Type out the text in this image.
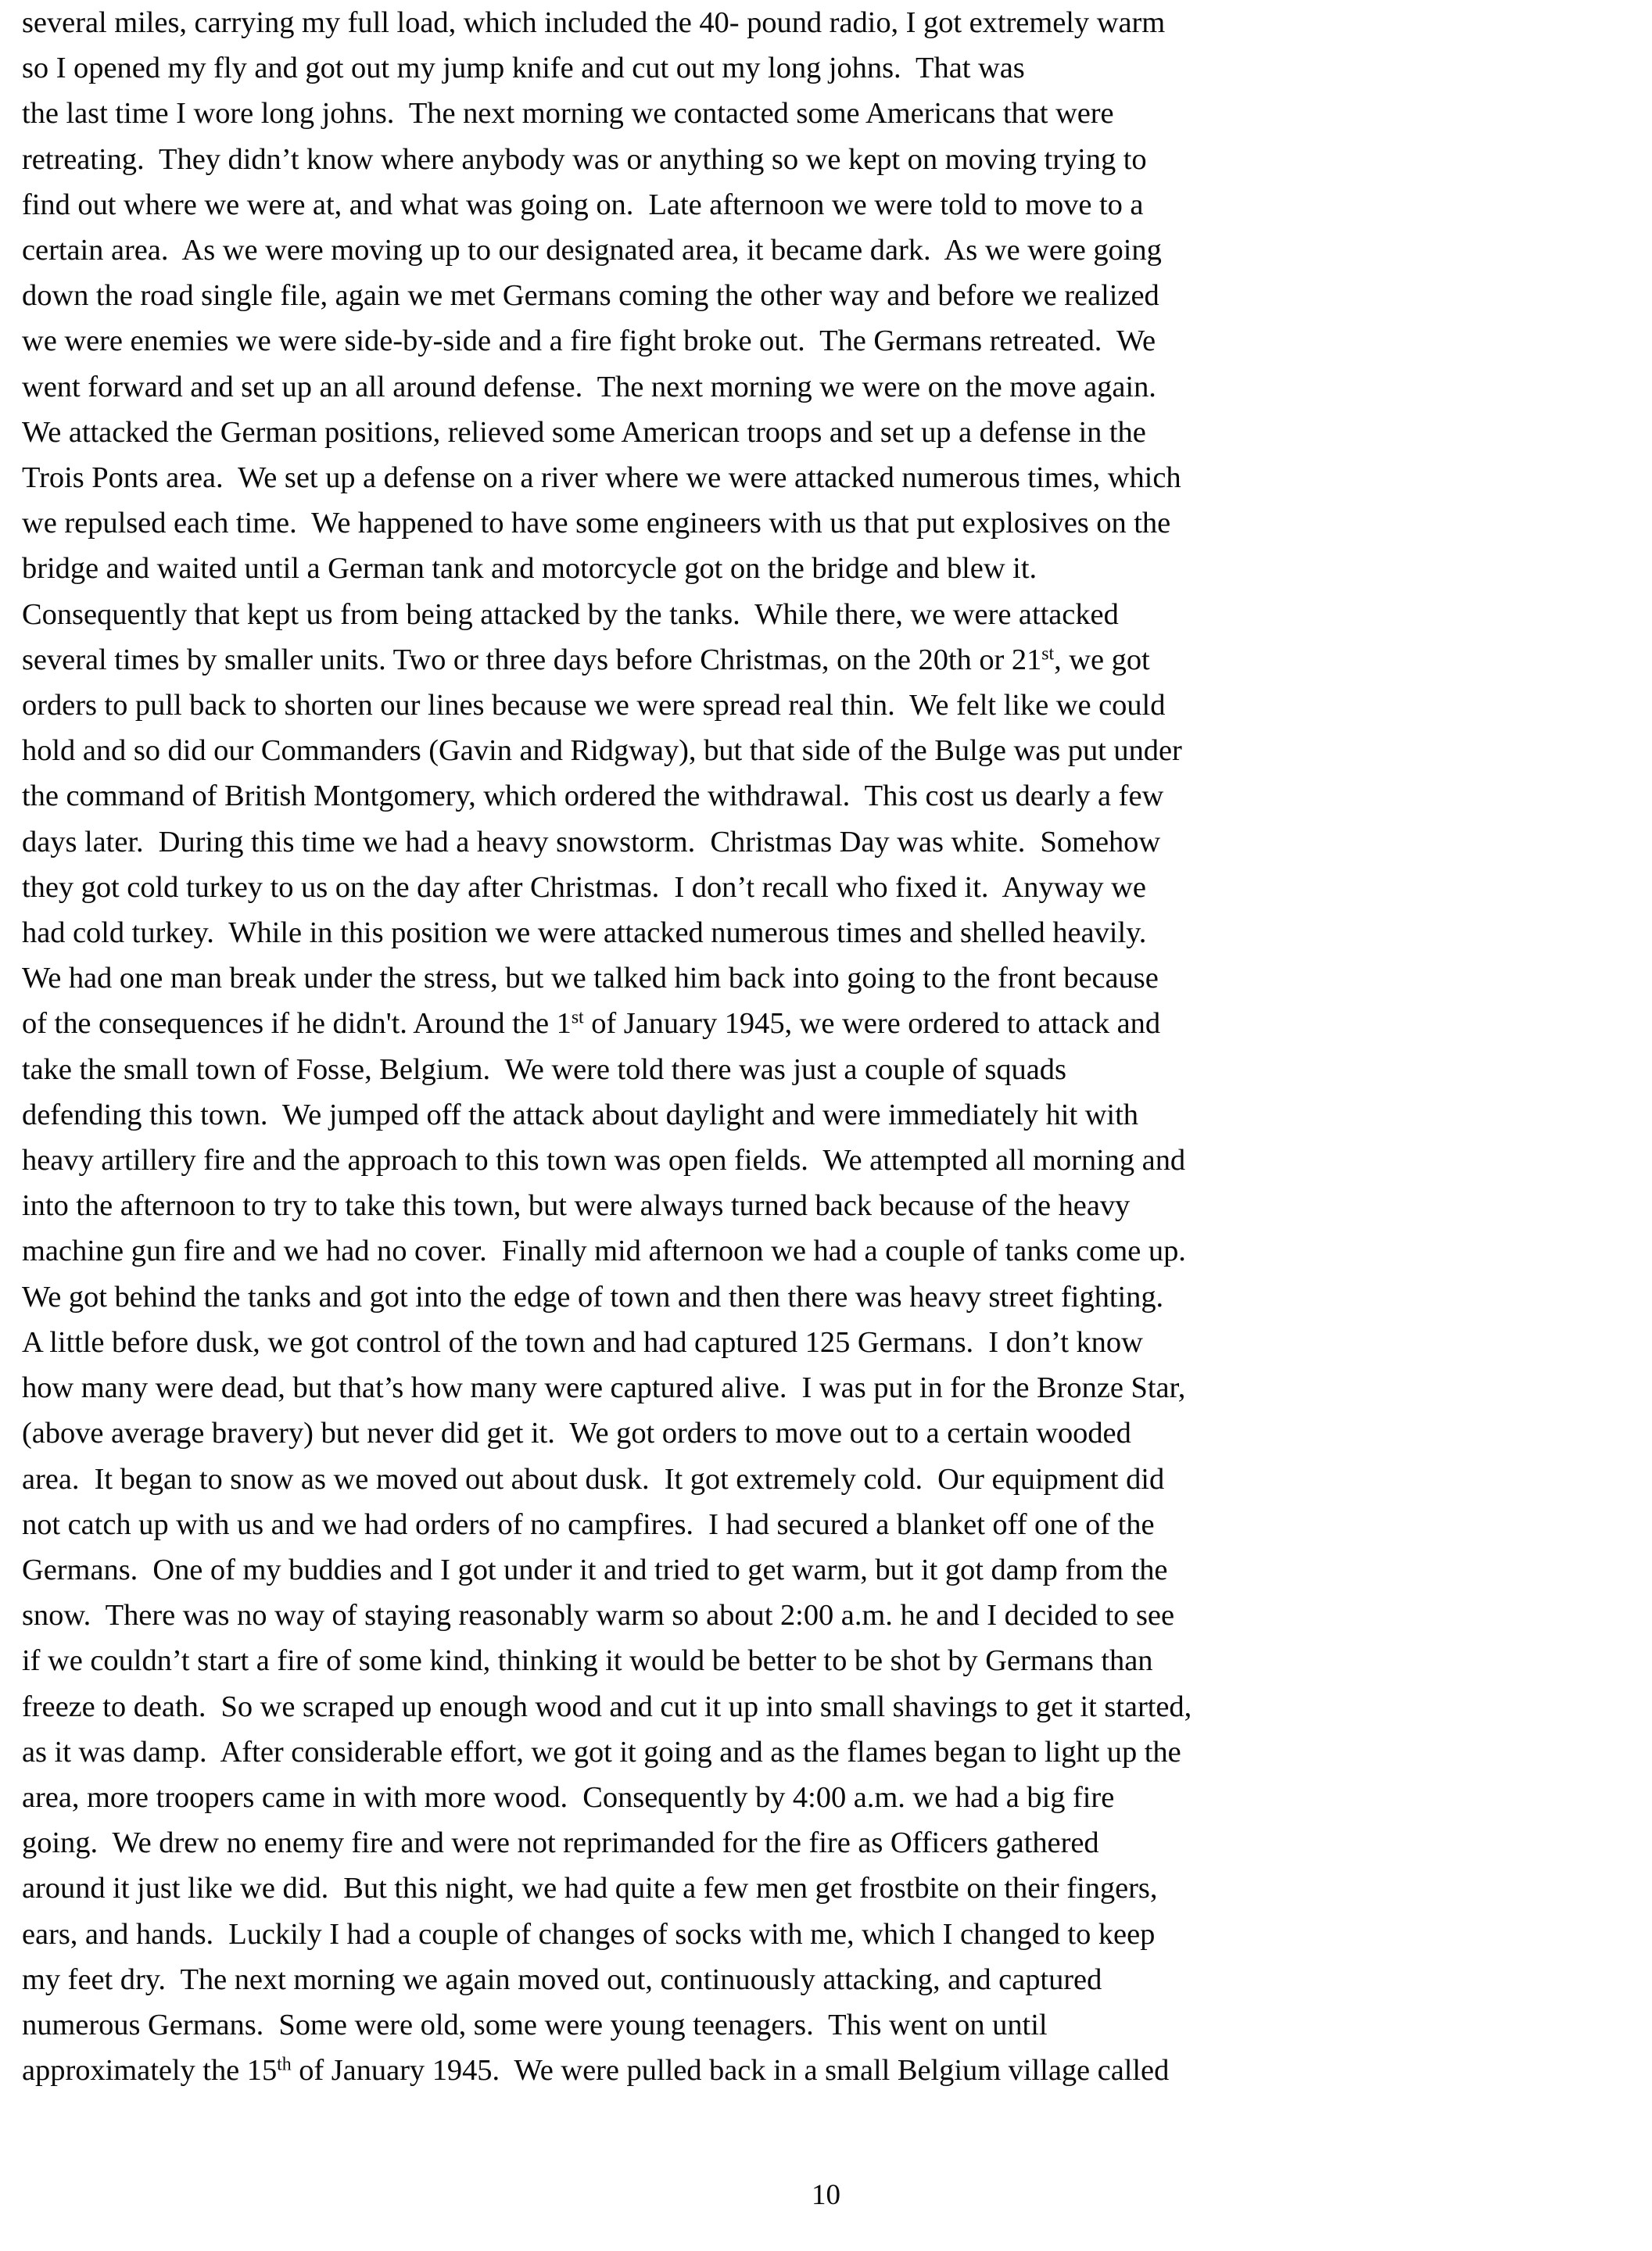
several miles, carrying my full load, which included the 40- pound radio, I got extremely warm
so I opened my fly and got out my jump knife and cut out my long johns.  That was
the last time I wore long johns.  The next morning we contacted some Americans that were
retreating.  They didn’t know where anybody was or anything so we kept on moving trying to
find out where we were at, and what was going on.  Late afternoon we were told to move to a
certain area.  As we were moving up to our designated area, it became dark.  As we were going
down the road single file, again we met Germans coming the other way and before we realized
we were enemies we were side-by-side and a fire fight broke out.  The Germans retreated.  We
went forward and set up an all around defense.  The next morning we were on the move again.
We attacked the German positions, relieved some American troops and set up a defense in the
Trois Ponts area.  We set up a defense on a river where we were attacked numerous times, which
we repulsed each time.  We happened to have some engineers with us that put explosives on the
bridge and waited until a German tank and motorcycle got on the bridge and blew it.
Consequently that kept us from being attacked by the tanks.  While there, we were attacked
several times by smaller units. Two or three days before Christmas, on the 20th or 21st, we got
orders to pull back to shorten our lines because we were spread real thin.  We felt like we could
hold and so did our Commanders (Gavin and Ridgway), but that side of the Bulge was put under
the command of British Montgomery, which ordered the withdrawal.  This cost us dearly a few
days later.  During this time we had a heavy snowstorm.  Christmas Day was white.  Somehow
they got cold turkey to us on the day after Christmas.  I don’t recall who fixed it.  Anyway we
had cold turkey.  While in this position we were attacked numerous times and shelled heavily.
We had one man break under the stress, but we talked him back into going to the front because
of the consequences if he didn't. Around the 1st of January 1945, we were ordered to attack and
take the small town of Fosse, Belgium.  We were told there was just a couple of squads
defending this town.  We jumped off the attack about daylight and were immediately hit with
heavy artillery fire and the approach to this town was open fields.  We attempted all morning and
into the afternoon to try to take this town, but were always turned back because of the heavy
machine gun fire and we had no cover.  Finally mid afternoon we had a couple of tanks come up.
We got behind the tanks and got into the edge of town and then there was heavy street fighting.
A little before dusk, we got control of the town and had captured 125 Germans.  I don’t know
how many were dead, but that’s how many were captured alive.  I was put in for the Bronze Star,
(above average bravery) but never did get it.  We got orders to move out to a certain wooded
area.  It began to snow as we moved out about dusk.  It got extremely cold.  Our equipment did
not catch up with us and we had orders of no campfires.  I had secured a blanket off one of the
Germans.  One of my buddies and I got under it and tried to get warm, but it got damp from the
snow.  There was no way of staying reasonably warm so about 2:00 a.m. he and I decided to see
if we couldn’t start a fire of some kind, thinking it would be better to be shot by Germans than
freeze to death.  So we scraped up enough wood and cut it up into small shavings to get it started,
as it was damp.  After considerable effort, we got it going and as the flames began to light up the
area, more troopers came in with more wood.  Consequently by 4:00 a.m. we had a big fire
going.  We drew no enemy fire and were not reprimanded for the fire as Officers gathered
around it just like we did.  But this night, we had quite a few men get frostbite on their fingers,
ears, and hands.  Luckily I had a couple of changes of socks with me, which I changed to keep
my feet dry.  The next morning we again moved out, continuously attacking, and captured
numerous Germans.  Some were old, some were young teenagers.  This went on until
approximately the 15th of January 1945.  We were pulled back in a small Belgium village called
10
